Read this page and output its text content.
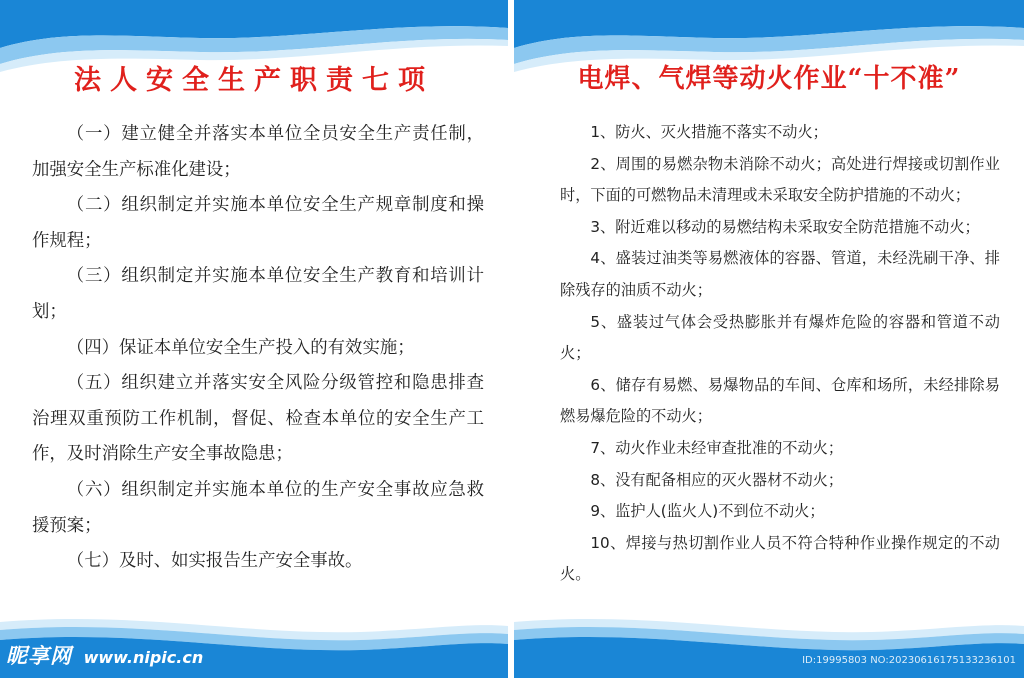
法人安全生产职责七项

（一）建立健全并落实本单位全员安全生产责任制，加强安全生产标准化建设；

（二）组织制定并实施本单位安全生产规章制度和操作规程；

（三）组织制定并实施本单位安全生产教育和培训计划；

（四）保证本单位安全生产投入的有效实施；

（五）组织建立并落实安全风险分级管控和隐患排查治理双重预防工作机制，督促、检查本单位的安全生产工作，及时消除生产安全事故隐患；

（六）组织制定并实施本单位的生产安全事故应急救援预案；

（七）及时、如实报告生产安全事故。

昵享网 www.nipic.cn
电焊、气焊等动火作业“十不准”

1、防火、灭火措施不落实不动火；

2、周围的易燃杂物未消除不动火；高处进行焊接或切割作业时，下面的可燃物品未清理或未采取安全防护措施的不动火；

3、附近难以移动的易燃结构未采取安全防范措施不动火；

4、盛装过油类等易燃液体的容器、管道，未经洗刷干净、排除残存的油质不动火；

5、盛装过气体会受热膨胀并有爆炸危险的容器和管道不动火；

6、储存有易燃、易爆物品的车间、仓库和场所，未经排除易燃易爆危险的不动火；

7、动火作业未经审查批准的不动火；

8、没有配备相应的灭火器材不动火；

9、监护人(监火人)不到位不动火；

10、焊接与热切割作业人员不符合特种作业操作规定的不动火。

ID:19995803 NO:20230616175133236101
